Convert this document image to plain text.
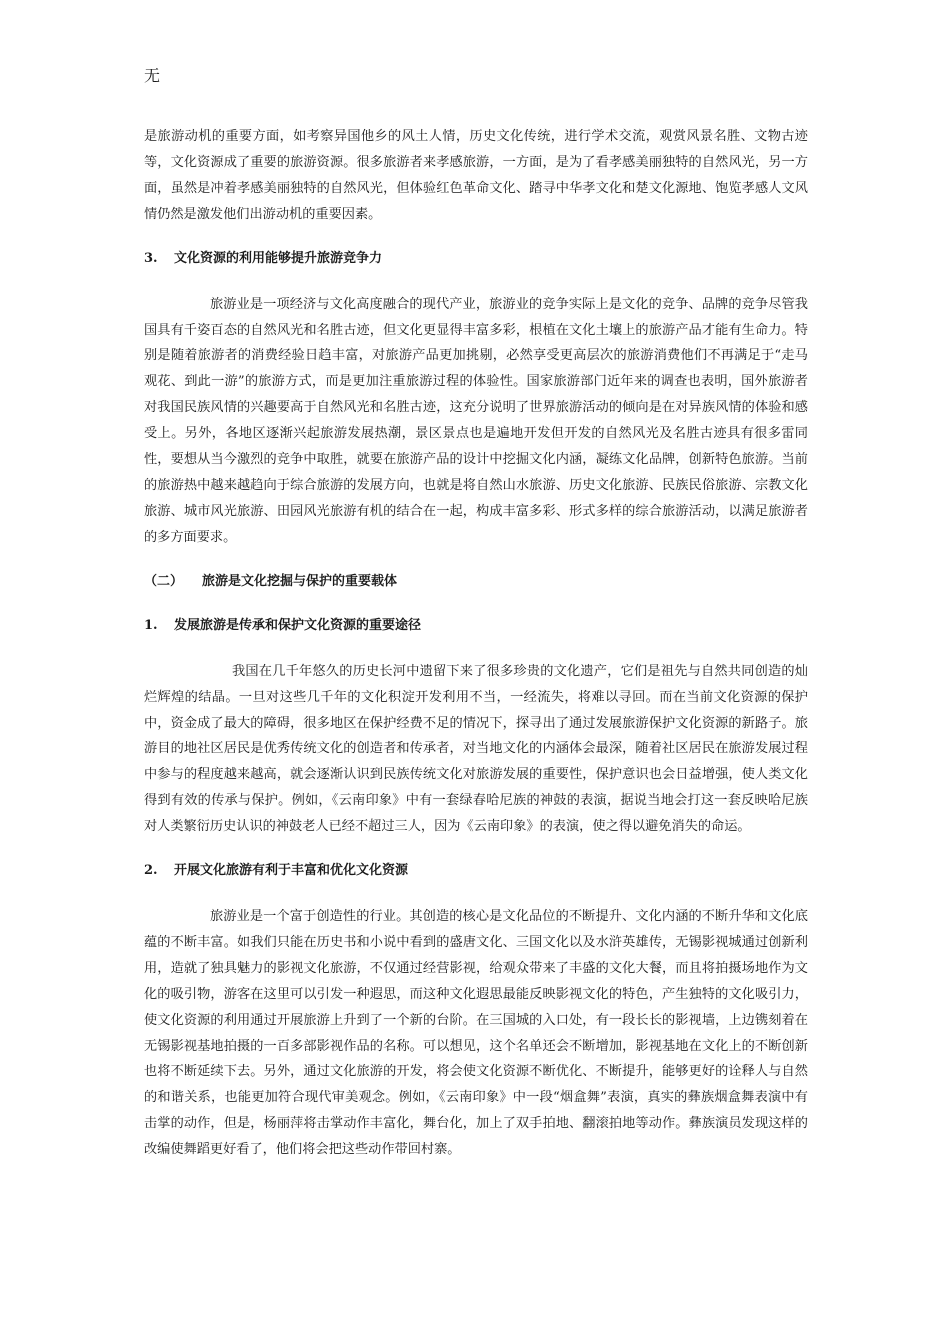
无

是旅游动机的重要方面，如考察异国他乡的风土人情，历史文化传统，进行学术交流，观赏风景名胜、文物古迹等，文化资源成了重要的旅游资源。很多旅游者来孝感旅游，一方面，是为了看孝感美丽独特的自然风光，另一方面，虽然是冲着孝感美丽独特的自然风光，但体验红色革命文化、踏寻中华孝文化和楚文化源地、饱览孝感人文风情仍然是激发他们出游动机的重要因素。

3. 文化资源的利用能够提升旅游竞争力

旅游业是一项经济与文化高度融合的现代产业，旅游业的竞争实际上是文化的竞争、品牌的竞争尽管我国具有千姿百态的自然风光和名胜古迹，但文化更显得丰富多彩，根植在文化土壤上的旅游产品才能有生命力。特别是随着旅游者的消费经验日趋丰富，对旅游产品更加挑剔，必然享受更高层次的旅游消费他们不再满足于“走马观花、到此一游”的旅游方式，而是更加注重旅游过程的体验性。国家旅游部门近年来的调查也表明，国外旅游者对我国民族风情的兴趣要高于自然风光和名胜古迹，这充分说明了世界旅游活动的倾向是在对异族风情的体验和感受上。另外，各地区逐渐兴起旅游发展热潮，景区景点也是遍地开发但开发的自然风光及名胜古迹具有很多雷同性，要想从当今激烈的竞争中取胜，就要在旅游产品的设计中挖掘文化内涵，凝练文化品牌，创新特色旅游。当前的旅游热中越来越趋向于综合旅游的发展方向，也就是将自然山水旅游、历史文化旅游、民族民俗旅游、宗教文化旅游、城市风光旅游、田园风光旅游有机的结合在一起，构成丰富多彩、形式多样的综合旅游活动，以满足旅游者的多方面要求。

（二） 旅游是文化挖掘与保护的重要载体
1. 发展旅游是传承和保护文化资源的重要途径

我国在几千年悠久的历史长河中遗留下来了很多珍贵的文化遗产，它们是祖先与自然共同创造的灿烂辉煌的结晶。一旦对这些几千年的文化积淀开发利用不当，一经流失，将难以寻回。而在当前文化资源的保护中，资金成了最大的障碍，很多地区在保护经费不足的情况下，探寻出了通过发展旅游保护文化资源的新路子。旅游目的地社区居民是优秀传统文化的创造者和传承者，对当地文化的内涵体会最深，随着社区居民在旅游发展过程中参与的程度越来越高，就会逐渐认识到民族传统文化对旅游发展的重要性，保护意识也会日益增强，使人类文化得到有效的传承与保护。例如，《云南印象》中有一套绿春哈尼族的神鼓的表演，据说当地会打这一套反映哈尼族对人类繁衍历史认识的神鼓老人已经不超过三人，因为《云南印象》的表演，使之得以避免消失的命运。

2. 开展文化旅游有利于丰富和优化文化资源

旅游业是一个富于创造性的行业。其创造的核心是文化品位的不断提升、文化内涵的不断升华和文化底蕴的不断丰富。如我们只能在历史书和小说中看到的盛唐文化、三国文化以及水浒英雄传，无锡影视城通过创新利用，造就了独具魅力的影视文化旅游，不仅通过经营影视，给观众带来了丰盛的文化大餐，而且将拍摄场地作为文化的吸引物，游客在这里可以引发一种遐思，而这种文化遐思最能反映影视文化的特色，产生独特的文化吸引力，使文化资源的利用通过开展旅游上升到了一个新的台阶。在三国城的入口处，有一段长长的影视墙，上边镌刻着在无锡影视基地拍摄的一百多部影视作品的名称。可以想见，这个名单还会不断增加，影视基地在文化上的不断创新也将不断延续下去。另外，通过文化旅游的开发，将会使文化资源不断优化、不断提升，能够更好的诠释人与自然的和谐关系，也能更加符合现代审美观念。例如，《云南印象》中一段“烟盒舞”表演，真实的彝族烟盒舞表演中有击掌的动作，但是，杨丽萍将击掌动作丰富化，舞台化，加上了双手拍地、翻滚拍地等动作。彝族演员发现这样的改编使舞蹈更好看了，他们将会把这些动作带回村寨。
